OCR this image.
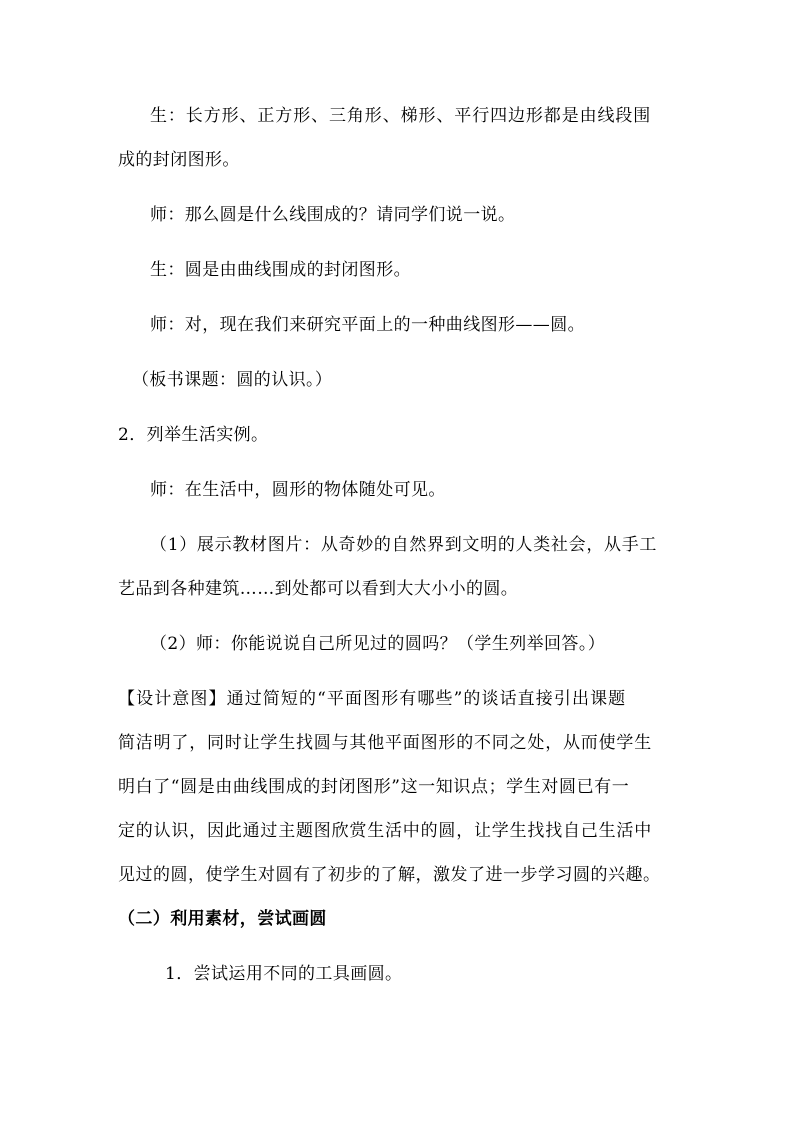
生：长方形、正方形、三角形、梯形、平行四边形都是由线段围
成的封闭图形。
师：那么圆是什么线围成的？请同学们说一说。
生：圆是由曲线围成的封闭图形。
师：对，现在我们来研究平面上的一种曲线图形——圆。
（板书课题：圆的认识。）
2．列举生活实例。
师：在生活中，圆形的物体随处可见。
（1）展示教材图片：从奇妙的自然界到文明的人类社会，从手工
艺品到各种建筑……到处都可以看到大大小小的圆。
（2）师：你能说说自己所见过的圆吗？（学生列举回答。）
【设计意图】通过简短的“平面图形有哪些”的谈话直接引出课题
简洁明了，同时让学生找圆与其他平面图形的不同之处，从而使学生
明白了“圆是由曲线围成的封闭图形”这一知识点；学生对圆已有一
定的认识，因此通过主题图欣赏生活中的圆，让学生找找自己生活中
见过的圆，使学生对圆有了初步的了解，激发了进一步学习圆的兴趣。
（二）利用素材，尝试画圆
1．尝试运用不同的工具画圆。
